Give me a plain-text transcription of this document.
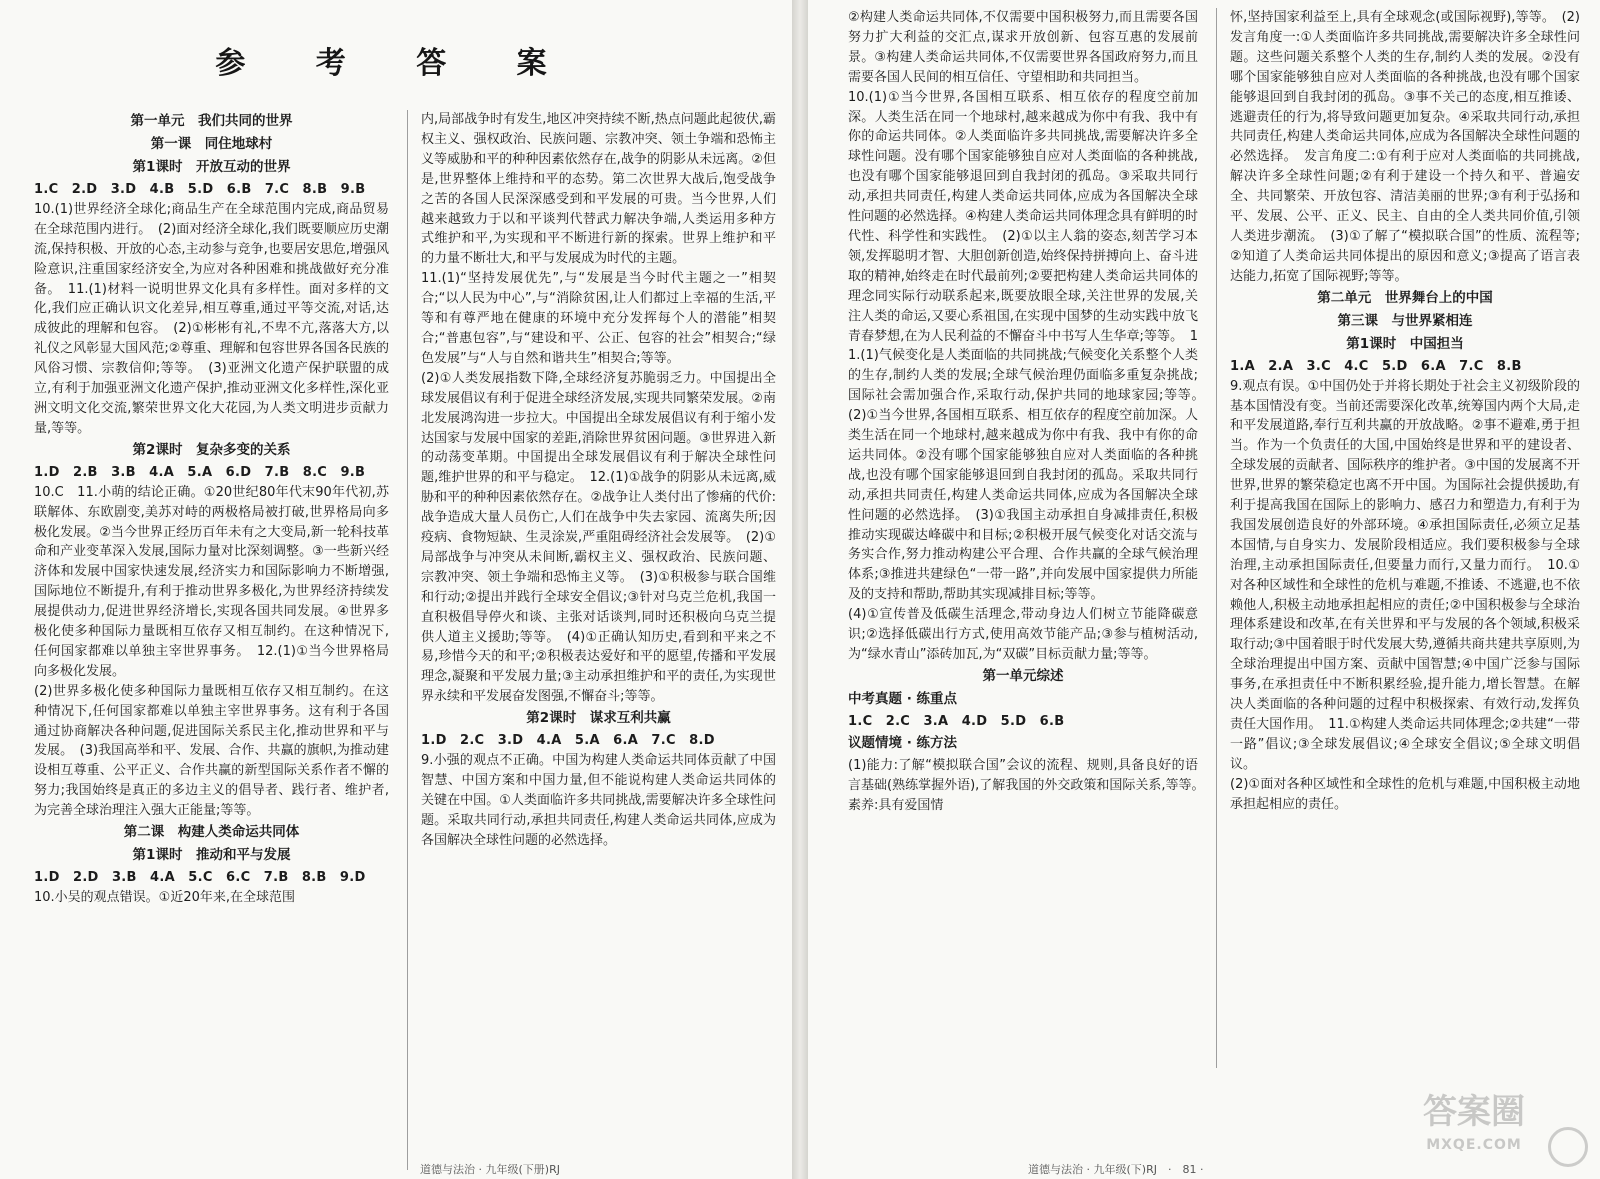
参 考 答 案
第一单元　我们共同的世界
第一课　同住地球村
第1课时　开放互动的世界

1.C　2.D　3.D　4.B　5.D　6.B　7.C　8.B　9.B

10.(1)世界经济全球化;商品生产在全球范围内完成,商品贸易在全球范围内进行。　(2)面对经济全球化,我们既要顺应历史潮流,保持积极、开放的心态,主动参与竞争,也要居安思危,增强风险意识,注重国家经济安全,为应对各种困难和挑战做好充分准备。　11.(1)材料一说明世界文化具有多样性。面对多样的文化,我们应正确认识文化差异,相互尊重,通过平等交流,对话,达成彼此的理解和包容。　(2)①彬彬有礼,不卑不亢,落落大方,以礼仪之风彰显大国风范;②尊重、理解和包容世界各国各民族的风俗习惯、宗教信仰;等等。　(3)亚洲文化遗产保护联盟的成立,有利于加强亚洲文化遗产保护,推动亚洲文化多样性,深化亚洲文明文化交流,繁荣世界文化大花园,为人类文明进步贡献力量,等等。

第2课时　复杂多变的关系

1.D　2.B　3.B　4.A　5.A　6.D　7.B　8.C　9.B

10.C　11.小萌的结论正确。①20世纪80年代末90年代初,苏联解体、东欧剧变,美苏对峙的两极格局被打破,世界格局向多极化发展。②当今世界正经历百年未有之大变局,新一轮科技革命和产业变革深入发展,国际力量对比深刻调整。③一些新兴经济体和发展中国家快速发展,经济实力和国际影响力不断增强,国际地位不断提升,有利于推动世界多极化,为世界经济持续发展提供动力,促进世界经济增长,实现各国共同发展。④世界多极化使多种国际力量既相互依存又相互制约。在这种情况下,任何国家都难以单独主宰世界事务。　12.(1)①当今世界格局向多极化发展。

(2)世界多极化使多种国际力量既相互依存又相互制约。在这种情况下,任何国家都难以单独主宰世界事务。这有利于各国通过协商解决各种问题,促进国际关系民主化,推动世界和平与发展。　(3)我国高举和平、发展、合作、共赢的旗帜,为推动建设相互尊重、公平正义、合作共赢的新型国际关系作者不懈的努力;我国始终是真正的多边主义的倡导者、践行者、维护者,为完善全球治理注入强大正能量;等等。

第二课　构建人类命运共同体
第1课时　推动和平与发展

1.D　2.D　3.B　4.A　5.C　6.C　7.B　8.B　9.D

10.小吴的观点错误。①近20年来,在全球范围

内,局部战争时有发生,地区冲突持续不断,热点问题此起彼伏,霸权主义、强权政治、民族问题、宗教冲突、领土争端和恐怖主义等威胁和平的种种因素依然存在,战争的阴影从未远离。②但是,世界整体上维持和平的态势。第二次世界大战后,饱受战争之苦的各国人民深深感受到和平发展的可贵。当今世界,人们越来越致力于以和平谈判代替武力解决争端,人类运用多种方式维护和平,为实现和平不断进行新的探索。世界上维护和平的力量不断壮大,和平与发展成为时代的主题。

11.(1)“坚持发展优先”,与“发展是当今时代主题之一”相契合;“以人民为中心”,与“消除贫困,让人们都过上幸福的生活,平等和有尊严地在健康的环境中充分发挥每个人的潜能”相契合;“普惠包容”,与“建设和平、公正、包容的社会”相契合;“绿色发展”与“人与自然和谐共生”相契合;等等。

(2)①人类发展指数下降,全球经济复苏脆弱乏力。中国提出全球发展倡议有利于促进全球经济发展,实现共同繁荣发展。②南北发展鸿沟进一步拉大。中国提出全球发展倡议有利于缩小发达国家与发展中国家的差距,消除世界贫困问题。③世界进入新的动荡变革期。中国提出全球发展倡议有利于解决全球性问题,维护世界的和平与稳定。　12.(1)①战争的阴影从未远离,威胁和平的种种因素依然存在。②战争让人类付出了惨痛的代价:战争造成大量人员伤亡,人们在战争中失去家园、流离失所;因疫病、食物短缺、生灵涂炭,严重阻碍经济社会发展等。　(2)①局部战争与冲突从未间断,霸权主义、强权政治、民族问题、宗教冲突、领土争端和恐怖主义等。　(3)①积极参与联合国维和行动;②提出并践行全球安全倡议;③针对乌克兰危机,我国一直积极倡导停火和谈、主张对话谈判,同时还积极向乌克兰提供人道主义援助;等等。　(4)①正确认知历史,看到和平来之不易,珍惜今天的和平;②积极表达爱好和平的愿望,传播和平发展理念,凝聚和平发展力量;③主动承担维护和平的责任,为实现世界永续和平发展奋发图强,不懈奋斗;等等。

第2课时　谋求互利共赢

1.D　2.C　3.D　4.A　5.A　6.A　7.C　8.D

9.小强的观点不正确。中国为构建人类命运共同体贡献了中国智慧、中国方案和中国力量,但不能说构建人类命运共同体的关键在中国。①人类面临许多共同挑战,需要解决许多全球性问题。采取共同行动,承担共同责任,构建人类命运共同体,应成为各国解决全球性问题的必然选择。

道德与法治 · 九年级(下册)RJ

②构建人类命运共同体,不仅需要中国积极努力,而且需要各国努力扩大利益的交汇点,谋求开放创新、包容互惠的发展前景。③构建人类命运共同体,不仅需要世界各国政府努力,而且需要各国人民间的相互信任、守望相助和共同担当。

10.(1)①当今世界,各国相互联系、相互依存的程度空前加深。人类生活在同一个地球村,越来越成为你中有我、我中有你的命运共同体。②人类面临许多共同挑战,需要解决许多全球性问题。没有哪个国家能够独自应对人类面临的各种挑战,也没有哪个国家能够退回到自我封闭的孤岛。③采取共同行动,承担共同责任,构建人类命运共同体,应成为各国解决全球性问题的必然选择。④构建人类命运共同体理念具有鲜明的时代性、科学性和实践性。　(2)①以主人翁的姿态,刻苦学习本领,发挥聪明才智、大胆创新创造,始终保持拼搏向上、奋斗进取的精神,始终走在时代最前列;②要把构建人类命运共同体的理念同实际行动联系起来,既要放眼全球,关注世界的发展,关注人类的命运,又要心系祖国,在实现中国梦的生动实践中放飞青春梦想,在为人民利益的不懈奋斗中书写人生华章;等等。　11.(1)气候变化是人类面临的共同挑战;气候变化关系整个人类的生存,制约人类的发展;全球气候治理仍面临多重复杂挑战;国际社会需加强合作,采取行动,保护共同的地球家园;等等。　(2)①当今世界,各国相互联系、相互依存的程度空前加深。人类生活在同一个地球村,越来越成为你中有我、我中有你的命运共同体。②没有哪个国家能够独自应对人类面临的各种挑战,也没有哪个国家能够退回到自我封闭的孤岛。采取共同行动,承担共同责任,构建人类命运共同体,应成为各国解决全球性问题的必然选择。　(3)①我国主动承担自身减排责任,积极推动实现碳达峰碳中和目标;②积极开展气候变化对话交流与务实合作,努力推动构建公平合理、合作共赢的全球气候治理体系;③推进共建绿色“一带一路”,并向发展中国家提供力所能及的支持和帮助,帮助其实现减排目标;等等。

(4)①宣传普及低碳生活理念,带动身边人们树立节能降碳意识;②选择低碳出行方式,使用高效节能产品;③参与植树活动,为“绿水青山”添砖加瓦,为“双碳”目标贡献力量;等等。

第一单元综述
中考真题 · 练重点

1.C　2.C　3.A　4.D　5.D　6.B

议题情境 · 练方法

(1)能力:了解“模拟联合国”会议的流程、规则,具备良好的语言基础(熟练掌握外语),了解我国的外交政策和国际关系,等等。　素养:具有爱国情

怀,坚持国家利益至上,具有全球观念(或国际视野),等等。　(2)发言角度一:①人类面临许多共同挑战,需要解决许多全球性问题。这些问题关系整个人类的生存,制约人类的发展。②没有哪个国家能够独自应对人类面临的各种挑战,也没有哪个国家能够退回到自我封闭的孤岛。③事不关己的态度,相互推诿、逃避责任的行为,将导致问题更加复杂。④采取共同行动,承担共同责任,构建人类命运共同体,应成为各国解决全球性问题的必然选择。　发言角度二:①有利于应对人类面临的共同挑战,解决许多全球性问题;②有利于建设一个持久和平、普遍安全、共同繁荣、开放包容、清洁美丽的世界;③有利于弘扬和平、发展、公平、正义、民主、自由的全人类共同价值,引领人类进步潮流。　(3)①了解了“模拟联合国”的性质、流程等;②知道了人类命运共同体提出的原因和意义;③提高了语言表达能力,拓宽了国际视野;等等。

第二单元　世界舞台上的中国
第三课　与世界紧相连
第1课时　中国担当

1.A　2.A　3.C　4.C　5.D　6.A　7.C　8.B

9.观点有误。①中国仍处于并将长期处于社会主义初级阶段的基本国情没有变。当前还需要深化改革,统筹国内两个大局,走和平发展道路,奉行互利共赢的开放战略。②事不避难,勇于担当。作为一个负责任的大国,中国始终是世界和平的建设者、全球发展的贡献者、国际秩序的维护者。③中国的发展离不开世界,世界的繁荣稳定也离不开中国。为国际社会提供援助,有利于提高我国在国际上的影响力、感召力和塑造力,有利于为我国发展创造良好的外部环境。④承担国际责任,必须立足基本国情,与自身实力、发展阶段相适应。我们要积极参与全球治理,主动承担国际责任,但要量力而行,又量力而行。　10.①对各种区域性和全球性的危机与难题,不推诿、不逃避,也不依赖他人,积极主动地承担起相应的责任;②中国积极参与全球治理体系建设和改革,在有关世界和平与发展的各个领域,积极采取行动;③中国着眼于时代发展大势,遵循共商共建共享原则,为全球治理提出中国方案、贡献中国智慧;④中国广泛参与国际事务,在承担责任中不断积累经验,提升能力,增长智慧。在解决人类面临的各种问题的过程中积极探索、有效行动,发挥负责任大国作用。　11.①构建人类命运共同体理念;②共建“一带一路”倡议;③全球发展倡议;④全球安全倡议;⑤全球文明倡议。

(2)①面对各种区域性和全球性的危机与难题,中国积极主动地承担起相应的责任。

道德与法治 · 九年级(下)RJ　·　81 ·
答案圈
MXQE.COM
